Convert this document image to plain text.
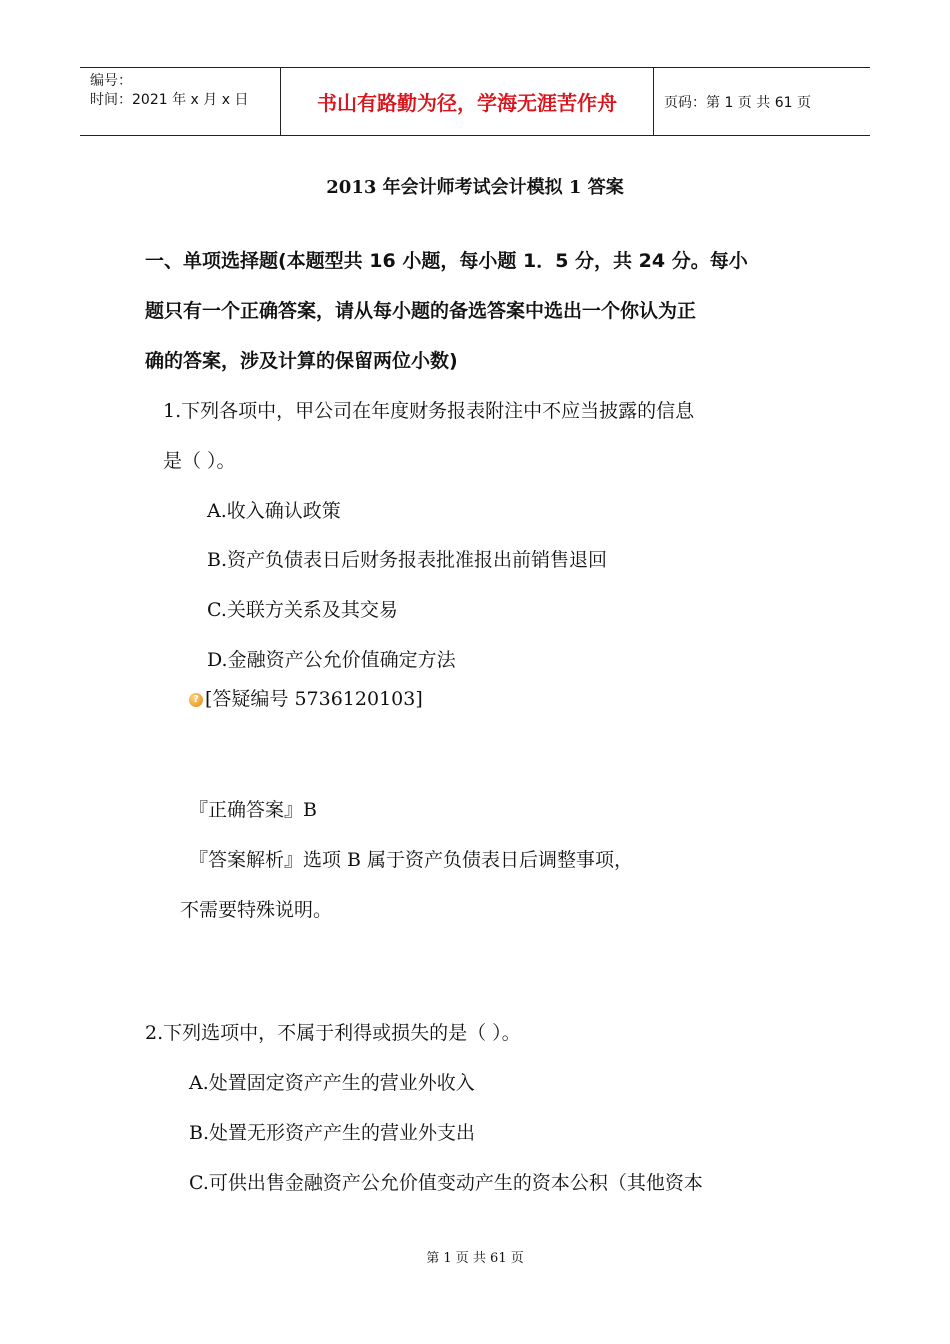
编号：
时间：2021 年 x 月 x 日	书山有路勤为径，学海无涯苦作舟	页码：第 1 页 共 61 页
2013 年会计师考试会计模拟 1 答案
一、单项选择题(本题型共 16 小题，每小题 1．5 分，共 24 分。每小
题只有一个正确答案，请从每小题的备选答案中选出一个你认为正
确的答案，涉及计算的保留两位小数)
1.下列各项中，甲公司在年度财务报表附注中不应当披露的信息
是（ ）。
A.收入确认政策
B.资产负债表日后财务报表批准报出前销售退回
C.关联方关系及其交易
D.金融资产公允价值确定方法
? [答疑编号 5736120103]
『正确答案』B
『答案解析』选项 B 属于资产负债表日后调整事项，
不需要特殊说明。
2.下列选项中，不属于利得或损失的是（ ）。
A.处置固定资产产生的营业外收入
B.处置无形资产产生的营业外支出
C.可供出售金融资产公允价值变动产生的资本公积（其他资本
第 1 页 共 61 页
